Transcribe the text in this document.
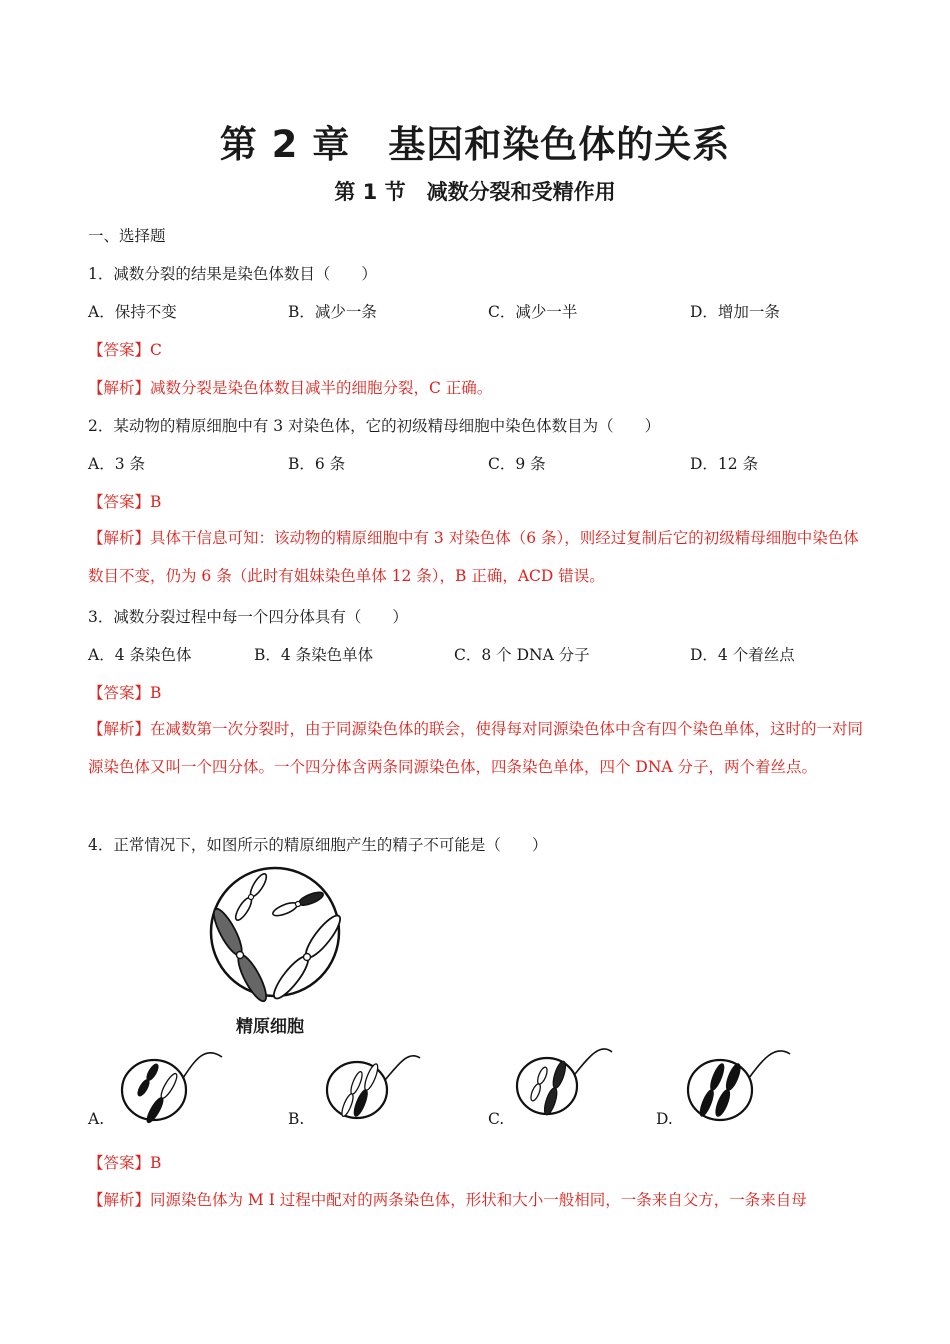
第 2 章　基因和染色体的关系
第 1 节　减数分裂和受精作用
一、选择题
1．减数分裂的结果是染色体数目（　　）
A．保持不变	B．减少一条	C．减少一半	D．增加一条
【答案】C
【解析】减数分裂是染色体数目减半的细胞分裂，C 正确。
2．某动物的精原细胞中有 3 对染色体，它的初级精母细胞中染色体数目为（　　）
A．3 条	B．6 条	C．9 条	D．12 条
【答案】B
【解析】具体干信息可知：该动物的精原细胞中有 3 对染色体（6 条），则经过复制后它的初级精母细胞中染色体数目不变，仍为 6 条（此时有姐妹染色单体 12 条），B 正确，ACD 错误。
3．减数分裂过程中每一个四分体具有（　　）
A．4 条染色体	B．4 条染色单体	C．8 个 DNA 分子	D．4 个着丝点
【答案】B
【解析】在减数第一次分裂时，由于同源染色体的联会，使得每对同源染色体中含有四个染色单体，这时的一对同源染色体又叫一个四分体。一个四分体含两条同源染色体，四条染色单体，四个 DNA 分子，两个着丝点。
4．正常情况下，如图所示的精原细胞产生的精子不可能是（　　）
精原细胞
A.	B.	C.	D.
【答案】B
【解析】同源染色体为 M Ⅰ 过程中配对的两条染色体，形状和大小一般相同，一条来自父方，一条来自母
